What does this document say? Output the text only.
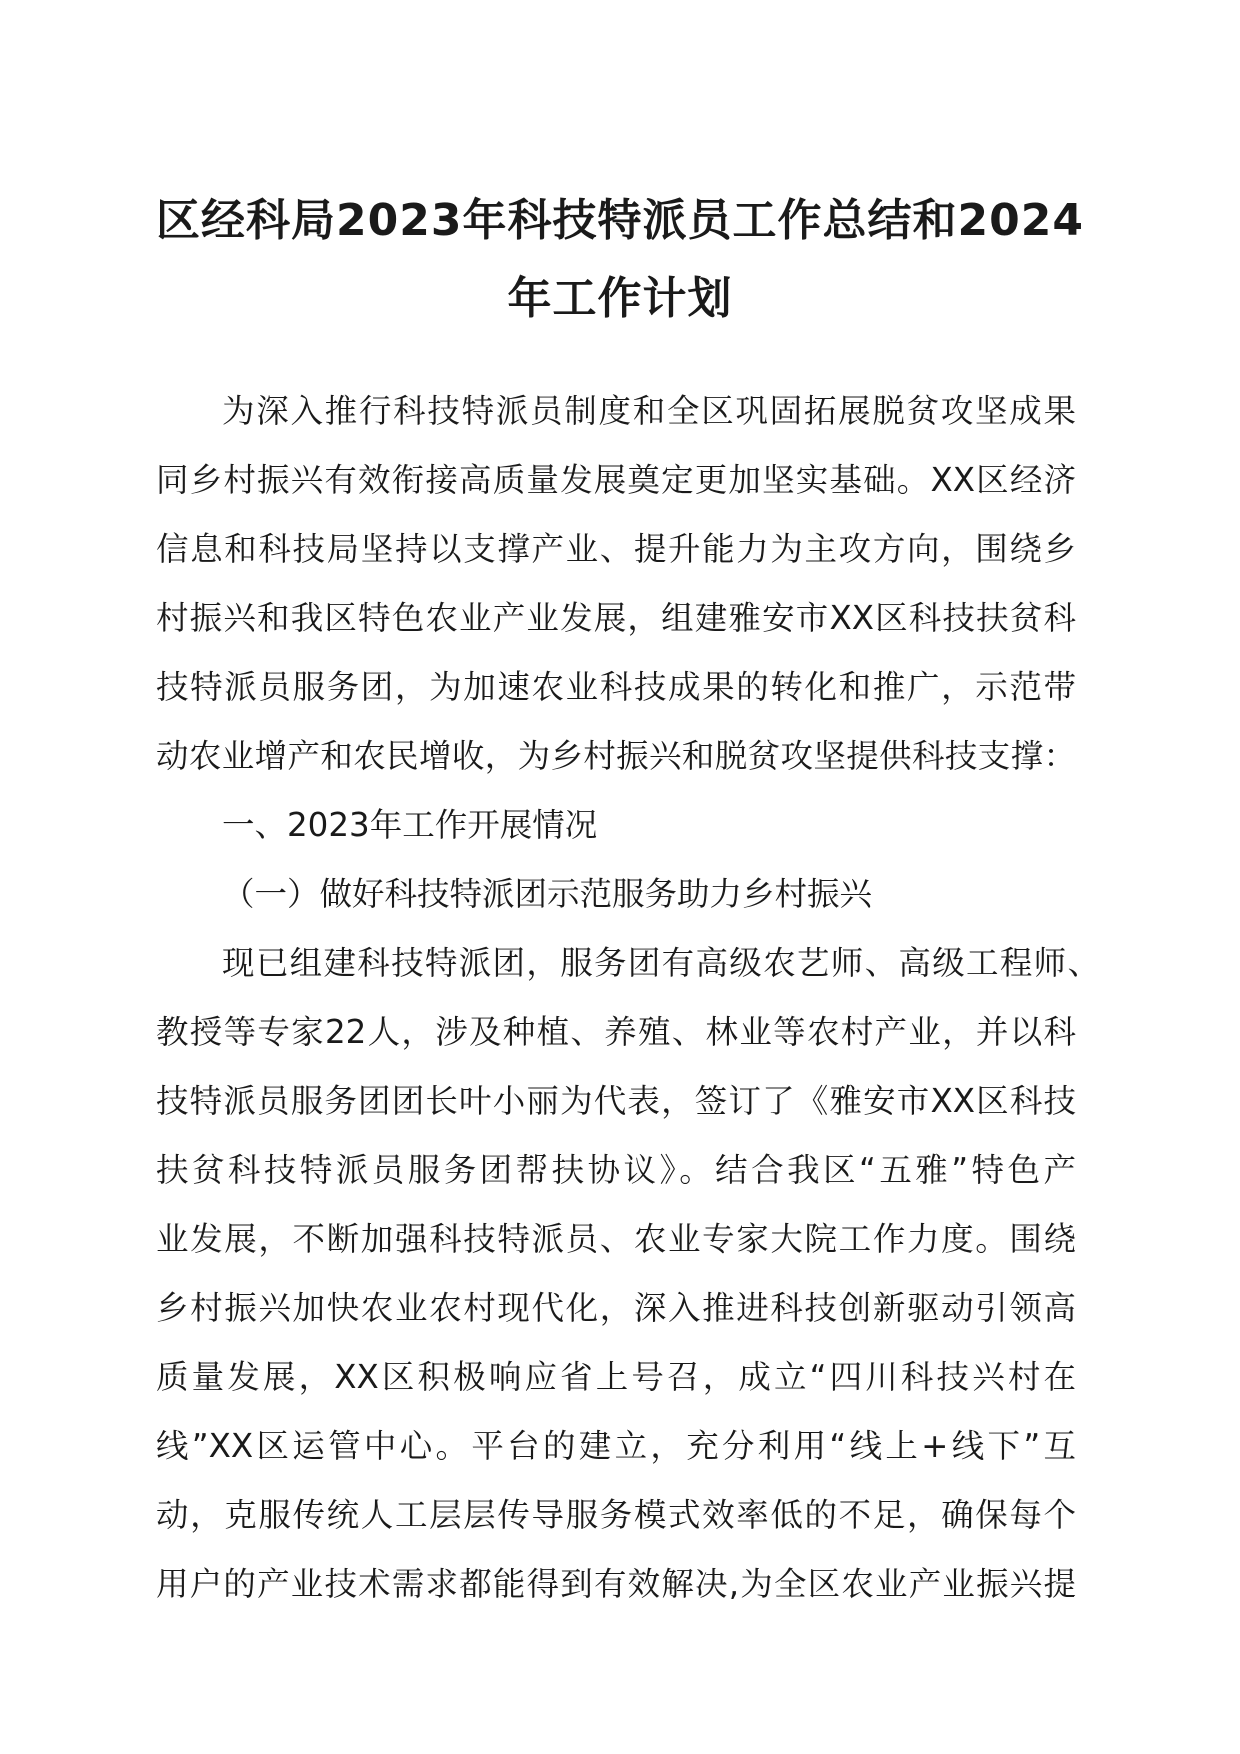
区经科局2023年科技特派员工作总结和2024
年工作计划

为深入推行科技特派员制度和全区巩固拓展脱贫攻坚成果

同乡村振兴有效衔接高质量发展奠定更加坚实基础。XX区经济

信息和科技局坚持以支撑产业、提升能力为主攻方向，围绕乡

村振兴和我区特色农业产业发展，组建雅安市XX区科技扶贫科

技特派员服务团，为加速农业科技成果的转化和推广，示范带

动农业增产和农民增收，为乡村振兴和脱贫攻坚提供科技支撑：

一、2023年工作开展情况

（一）做好科技特派团示范服务助力乡村振兴

现已组建科技特派团，服务团有高级农艺师、高级工程师、

教授等专家22人，涉及种植、养殖、林业等农村产业，并以科

技特派员服务团团长叶小丽为代表，签订了《雅安市XX区科技

扶贫科技特派员服务团帮扶协议》。结合我区“五雅”特色产

业发展，不断加强科技特派员、农业专家大院工作力度。围绕

乡村振兴加快农业农村现代化，深入推进科技创新驱动引领高

质量发展，XX区积极响应省上号召，成立“四川科技兴村在

线”XX区运管中心。平台的建立，充分利用“线上+线下”互

动，克服传统人工层层传导服务模式效率低的不足，确保每个

用户的产业技术需求都能得到有效解决,为全区农业产业振兴提
